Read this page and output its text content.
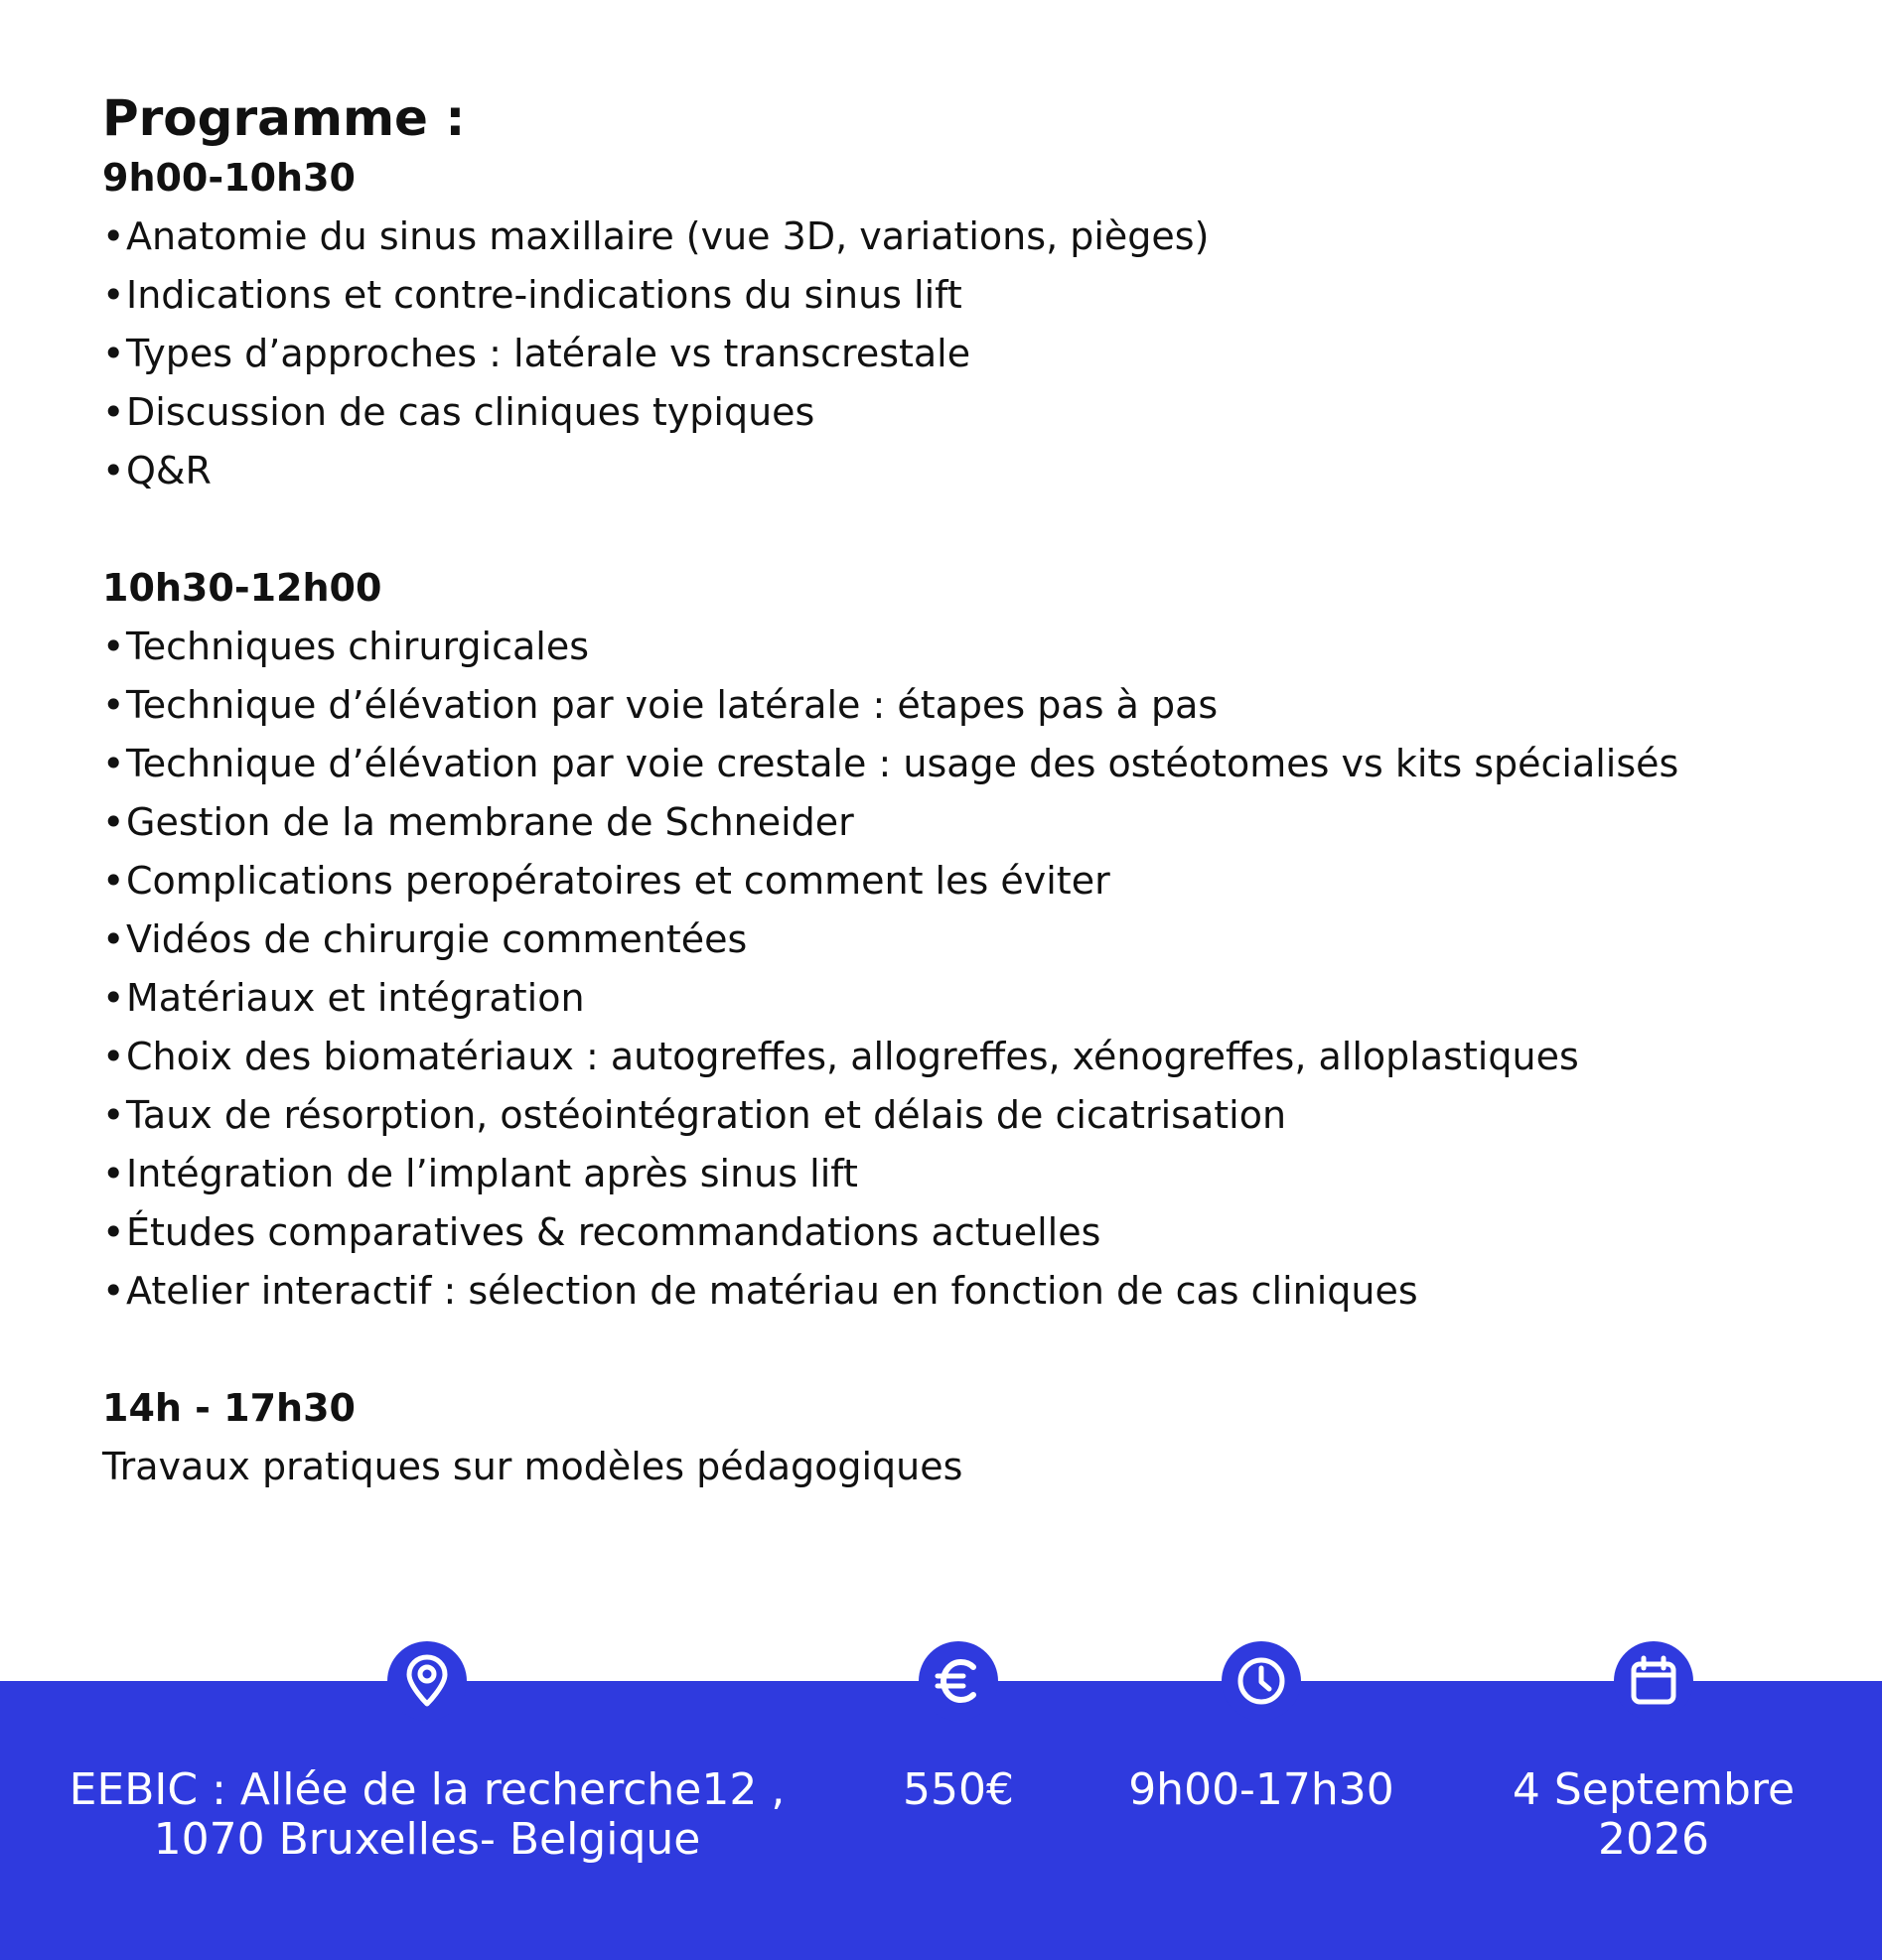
Programme :
9h00-10h30
•Anatomie du sinus maxillaire (vue 3D, variations, pièges)
•Indications et contre-indications du sinus lift
•Types d’approches : latérale vs transcrestale
•Discussion de cas cliniques typiques
•Q&R
10h30-12h00
•Techniques chirurgicales
•Technique d’élévation par voie latérale : étapes pas à pas
•Technique d’élévation par voie crestale : usage des ostéotomes vs kits spécialisés
•Gestion de la membrane de Schneider
•Complications peropératoires et comment les éviter
•Vidéos de chirurgie commentées
•Matériaux et intégration
•Choix des biomatériaux : autogreffes, allogreffes, xénogreffes, alloplastiques
•Taux de résorption, ostéointégration et délais de cicatrisation
•Intégration de l’implant après sinus lift
•Études comparatives & recommandations actuelles
•Atelier interactif : sélection de matériau en fonction de cas cliniques
14h - 17h30
Travaux pratiques sur modèles pédagogiques
EEBIC : Allée de la recherche12 ,
1070 Bruxelles- Belgique
550€	9h00-17h30	4 Septembre
2026
